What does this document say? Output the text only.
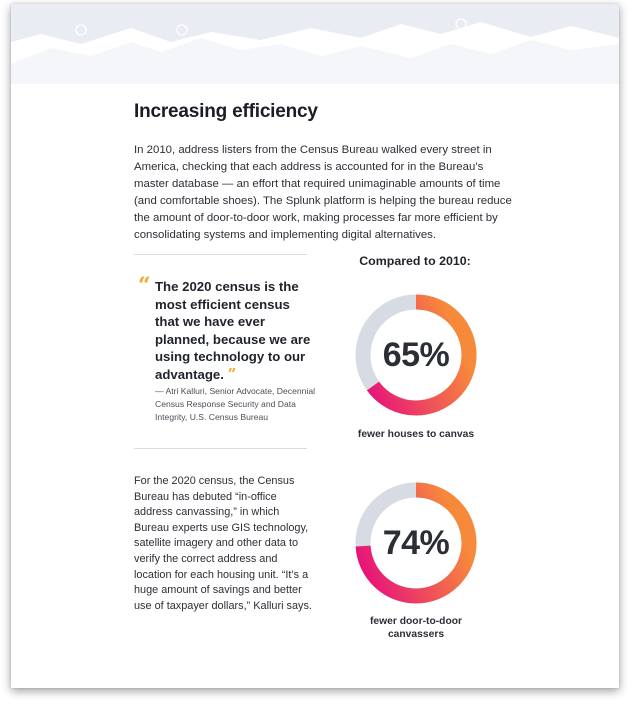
Increasing efficiency

In 2010, address listers from the Census Bureau walked every street in America, checking that each address is accounted for in the Bureau’s master database — an effort that required unimaginable amounts of time (and comfortable shoes). The Splunk platform is helping the bureau reduce the amount of door-to-door work, making processes far more efficient by consolidating systems and implementing digital alternatives.

“ The 2020 census is the most efficient census that we have ever planned, because we are using technology to our advantage. ”

— Atri Kalluri, Senior Advocate, Decennial Census Response Security and Data Integrity, U.S. Census Bureau

For the 2020 census, the Census Bureau has debuted “in-office address canvassing,” in which Bureau experts use GIS technology, satellite imagery and other data to verify the correct address and location for each housing unit. “It’s a huge amount of savings and better use of taxpayer dollars,” Kalluri says.

Compared to 2010:

65%

fewer houses to canvas

74%

fewer door-to-door canvassers
